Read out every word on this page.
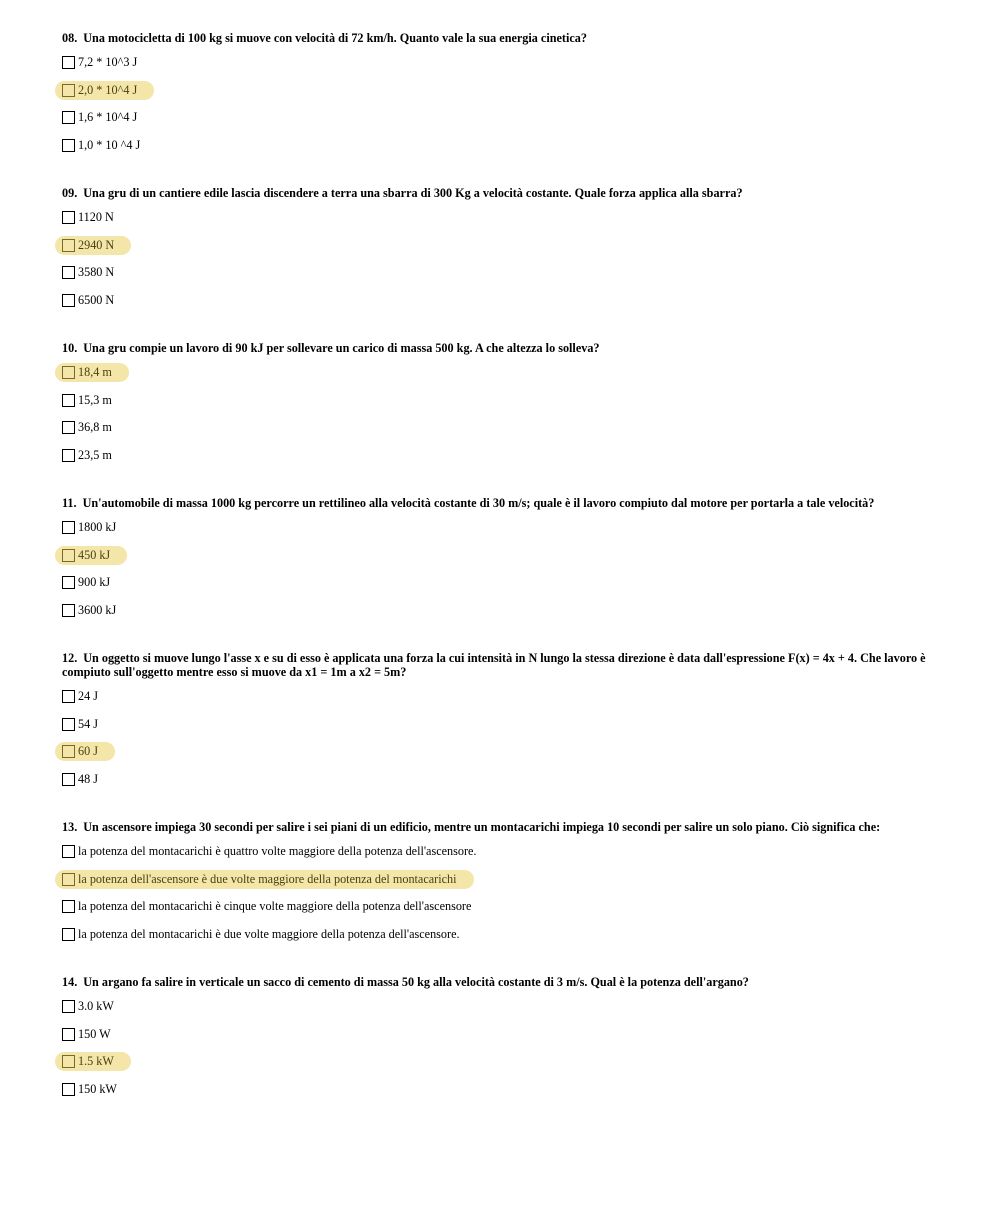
08. Una motocicletta di 100 kg si muove con velocità di 72 km/h. Quanto vale la sua energia cinetica?

7,2 * 10^3 J
2,0 * 10^4 J
1,6 * 10^4 J
1,0 * 10 ^4 J

09. Una gru di un cantiere edile lascia discendere a terra una sbarra di 300 Kg a velocità costante. Quale forza applica alla sbarra?

1120 N
2940 N
3580 N
6500 N

10. Una gru compie un lavoro di 90 kJ per sollevare un carico di massa 500 kg. A che altezza lo solleva?

18,4 m
15,3 m
36,8 m
23,5 m

11. Un'automobile di massa 1000 kg percorre un rettilineo alla velocità costante di 30 m/s; quale è il lavoro compiuto dal motore per portarla a tale velocità?

1800 kJ
450 kJ
900 kJ
3600 kJ

12. Un oggetto si muove lungo l'asse x e su di esso è applicata una forza la cui intensità in N lungo la stessa direzione è data dall'espressione F(x) = 4x + 4. Che lavoro è compiuto sull'oggetto mentre esso si muove da x1 = 1m a x2 = 5m?

24 J
54 J
60 J
48 J

13. Un ascensore impiega 30 secondi per salire i sei piani di un edificio, mentre un montacarichi impiega 10 secondi per salire un solo piano. Ciò significa che:

la potenza del montacarichi è quattro volte maggiore della potenza dell'ascensore.
la potenza dell'ascensore è due volte maggiore della potenza del montacarichi
la potenza del montacarichi è cinque volte maggiore della potenza dell'ascensore
la potenza del montacarichi è due volte maggiore della potenza dell'ascensore.

14. Un argano fa salire in verticale un sacco di cemento di massa 50 kg alla velocità costante di 3 m/s. Qual è la potenza dell'argano?

3.0 kW
150 W
1.5 kW
150 kW
